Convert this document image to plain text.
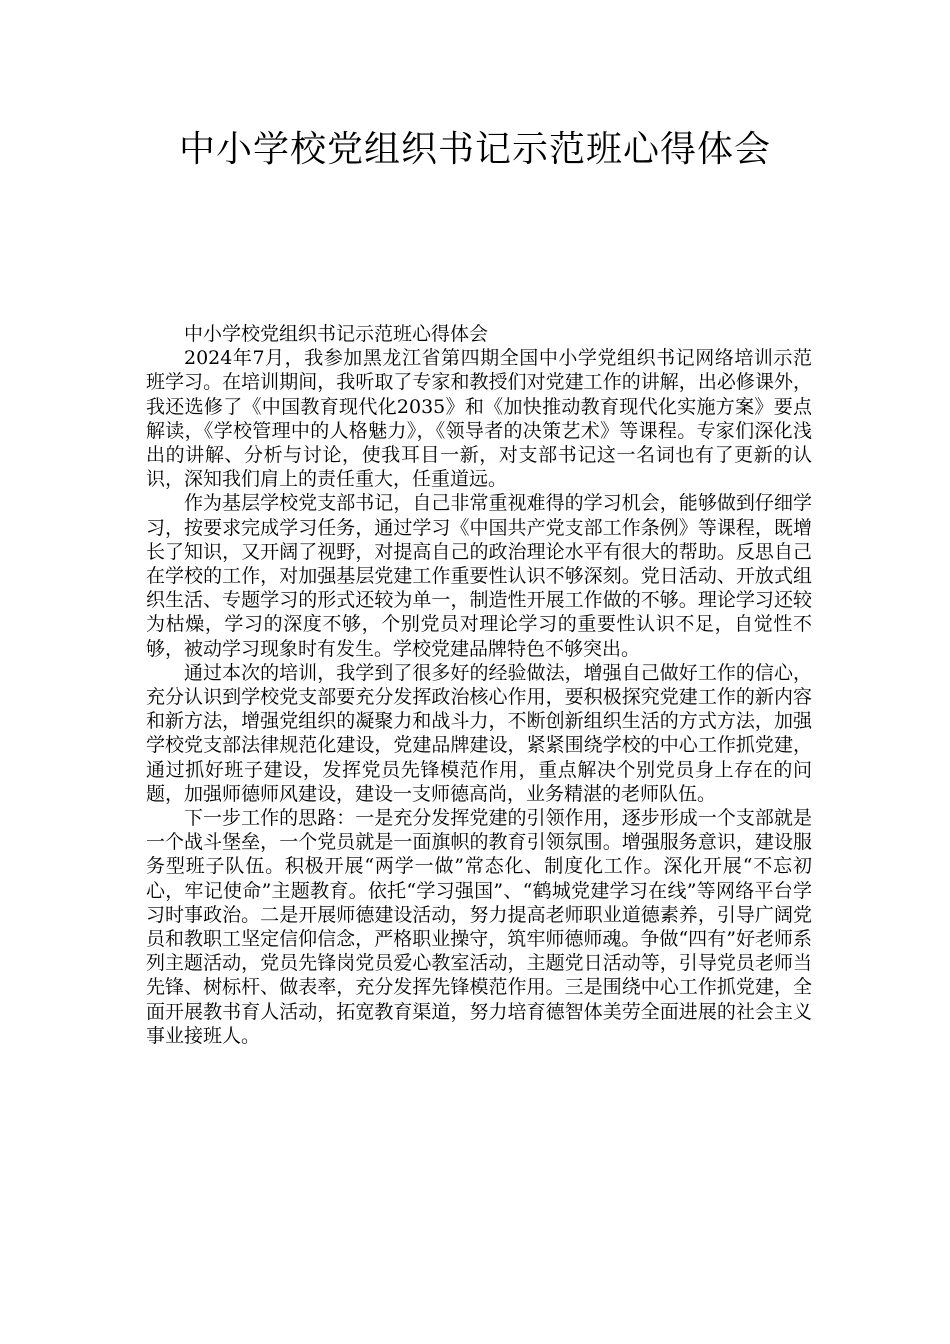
中小学校党组织书记示范班心得体会

中小学校党组织书记示范班心得体会

2024年7月，我参加黑龙江省第四期全国中小学党组织书记网络培训示范班学习。在培训期间，我听取了专家和教授们对党建工作的讲解，出必修课外，我还选修了《中国教育现代化2035》和《加快推动教育现代化实施方案》要点解读，《学校管理中的人格魅力》，《领导者的决策艺术》等课程。专家们深化浅出的讲解、分析与讨论，使我耳目一新，对支部书记这一名词也有了更新的认识，深知我们肩上的责任重大，任重道远。

作为基层学校党支部书记，自己非常重视难得的学习机会，能够做到仔细学习，按要求完成学习任务，通过学习《中国共产党支部工作条例》等课程，既增长了知识，又开阔了视野，对提高自己的政治理论水平有很大的帮助。反思自己在学校的工作，对加强基层党建工作重要性认识不够深刻。党日活动、开放式组织生活、专题学习的形式还较为单一，制造性开展工作做的不够。理论学习还较为枯燥，学习的深度不够，个别党员对理论学习的重要性认识不足，自觉性不够，被动学习现象时有发生。学校党建品牌特色不够突出。

通过本次的培训，我学到了很多好的经验做法，增强自己做好工作的信心，充分认识到学校党支部要充分发挥政治核心作用，要积极探究党建工作的新内容和新方法，增强党组织的凝聚力和战斗力，不断创新组织生活的方式方法，加强学校党支部法律规范化建设，党建品牌建设，紧紧围绕学校的中心工作抓党建，通过抓好班子建设，发挥党员先锋模范作用，重点解决个别党员身上存在的问题，加强师德师风建设，建设一支师德高尚，业务精湛的老师队伍。

下一步工作的思路：一是充分发挥党建的引领作用，逐步形成一个支部就是一个战斗堡垒，一个党员就是一面旗帜的教育引领氛围。增强服务意识，建设服务型班子队伍。积极开展“两学一做”常态化、制度化工作。深化开展“不忘初心，牢记使命”主题教育。依托“学习强国”、“鹤城党建学习在线”等网络平台学习时事政治。二是开展师德建设活动，努力提高老师职业道德素养，引导广阔党员和教职工坚定信仰信念，严格职业操守，筑牢师德师魂。争做“四有”好老师系列主题活动，党员先锋岗党员爱心教室活动，主题党日活动等，引导党员老师当先锋、树标杆、做表率，充分发挥先锋模范作用。三是围绕中心工作抓党建，全面开展教书育人活动，拓宽教育渠道，努力培育德智体美劳全面进展的社会主义事业接班人。
